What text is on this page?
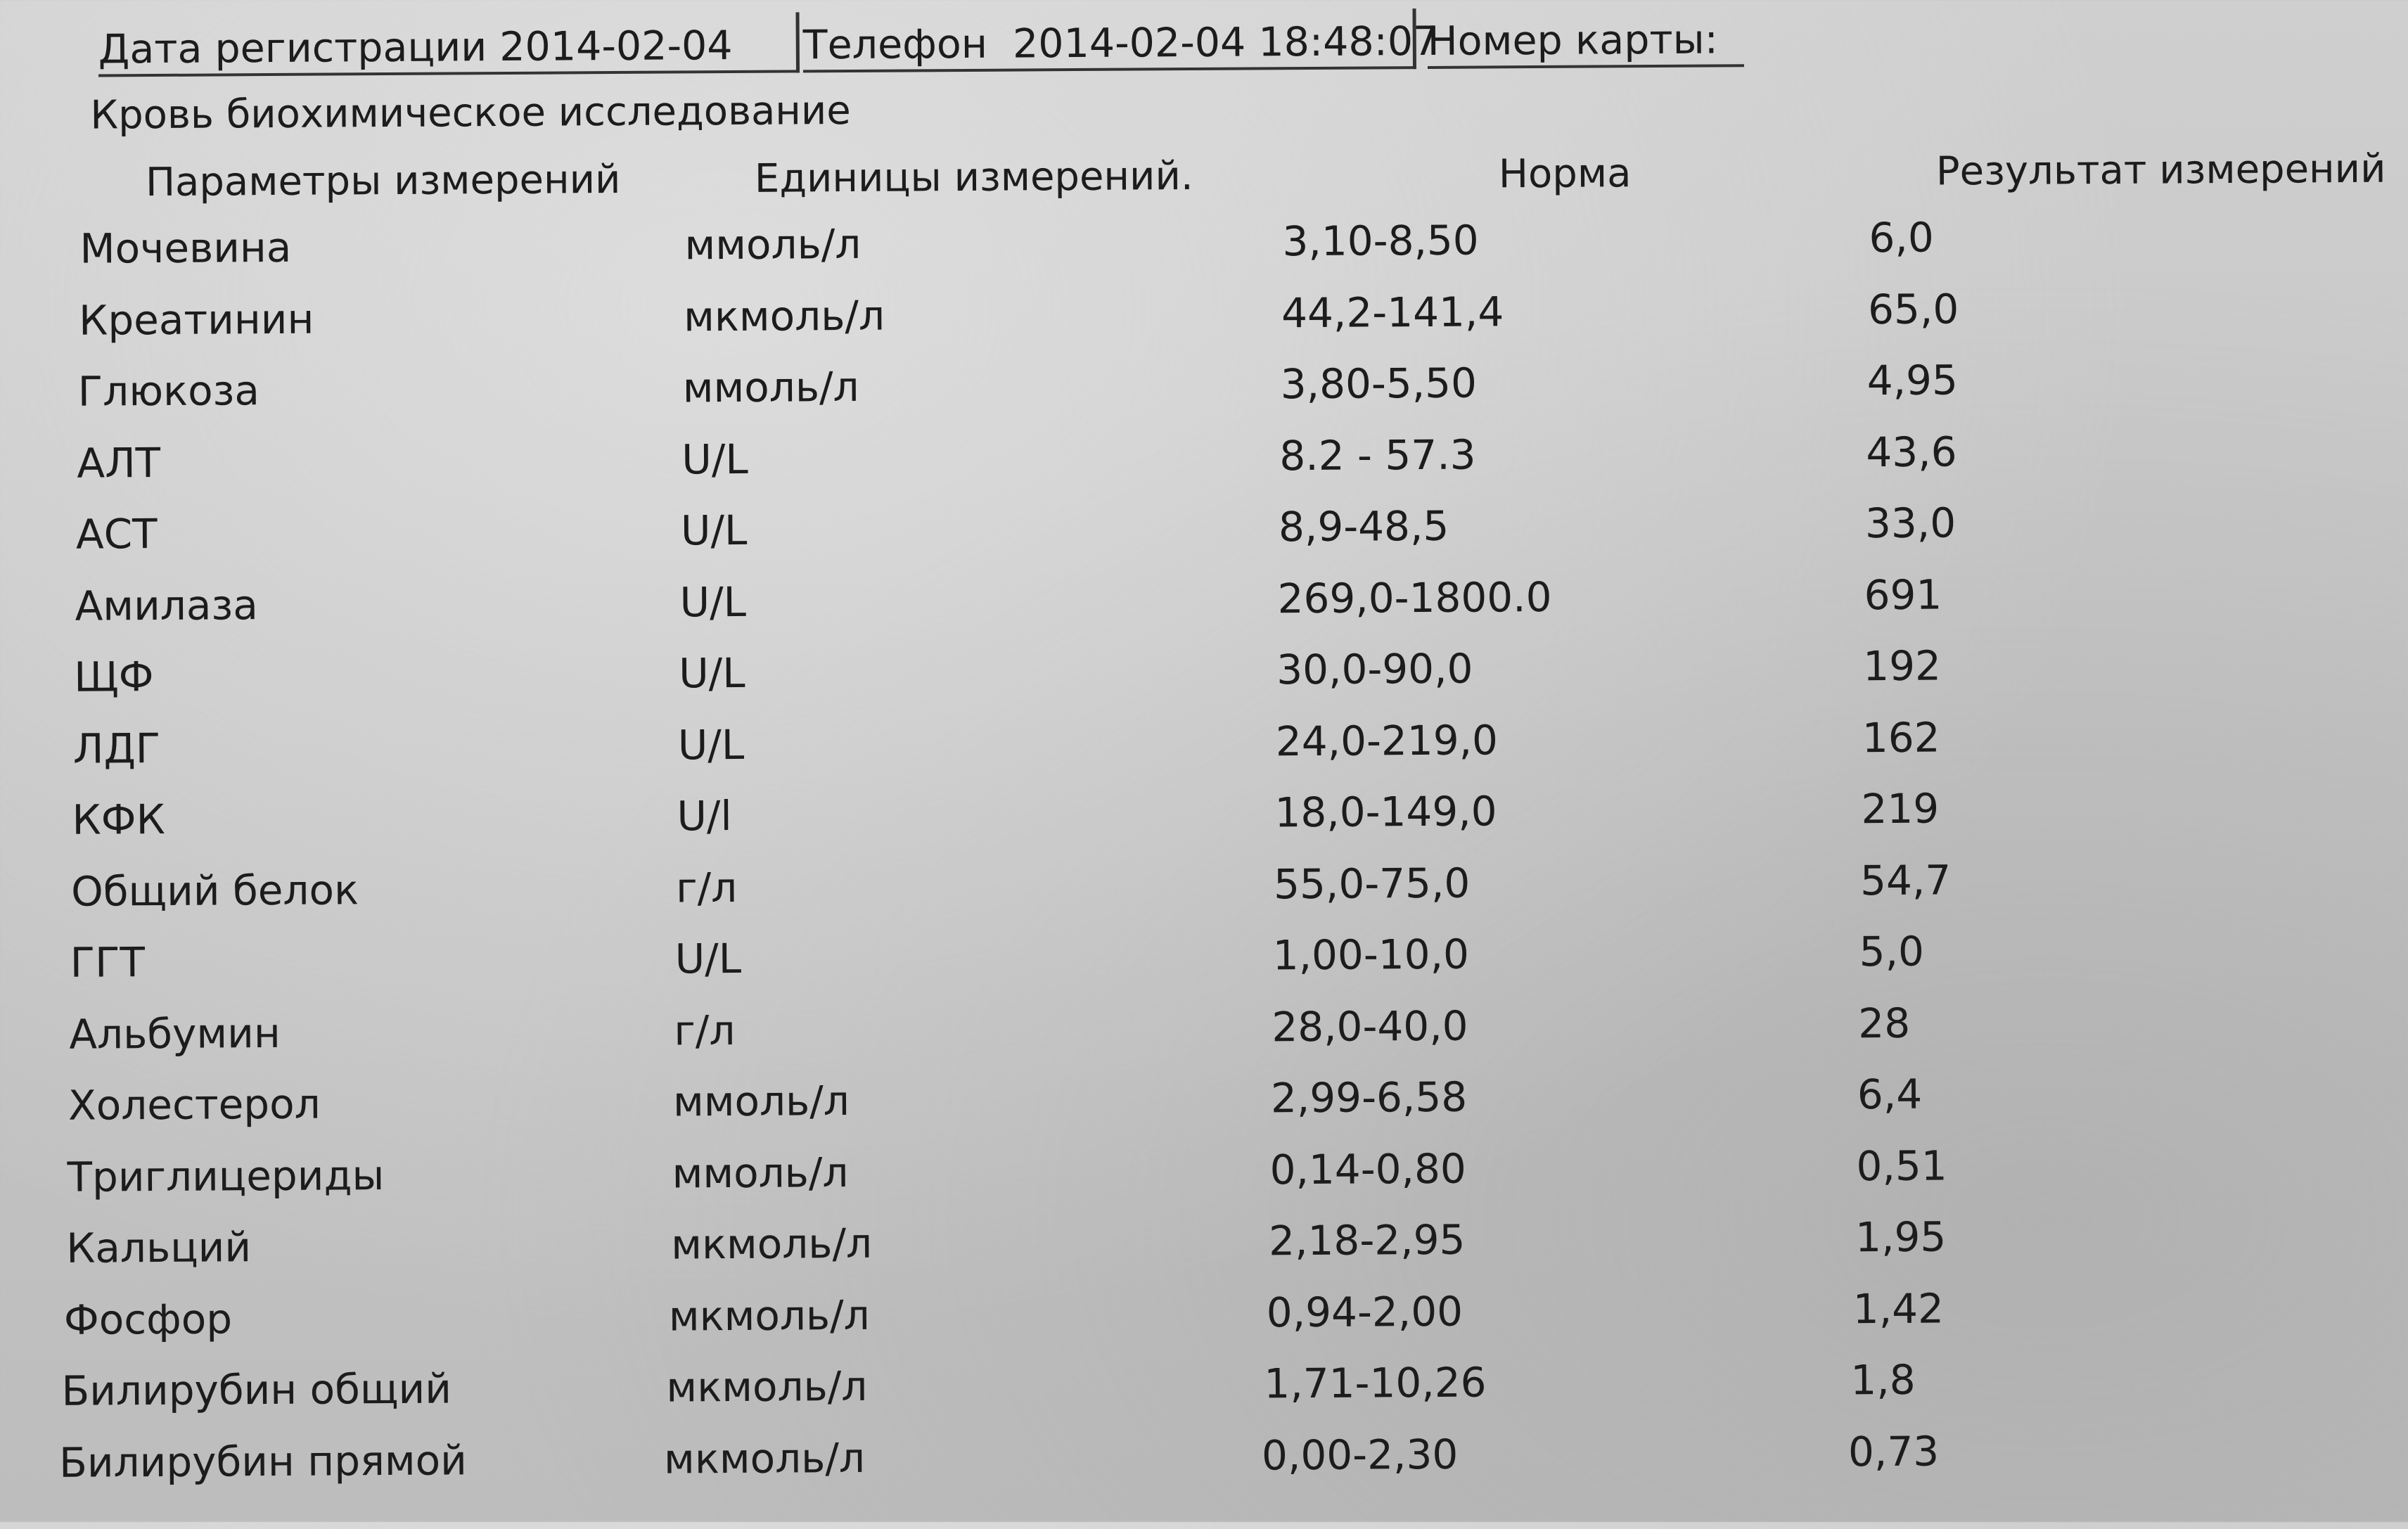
Дата регистрации 2014-02-04 Телефон 2014-02-04 18:48:07
Номер карты:
Кровь биохимическое исследование
Параметры измерений	Единицы измерений.	Норма	Результат измерений
Мочевина	ммоль/л	3,10-8,50	6,0
Креатинин	мкмоль/л	44,2-141,4	65,0
Глюкоза	ммоль/л	3,80-5,50	4,95
АЛТ	U/L	8.2 - 57.3	43,6
АСТ	U/L	8,9-48,5	33,0
Амилаза	U/L	269,0-1800.0	691
ЩФ	U/L	30,0-90,0	192
ЛДГ	U/L	24,0-219,0	162
КФК	U/l	18,0-149,0	219
Общий белок	г/л	55,0-75,0	54,7
ГГТ	U/L	1,00-10,0	5,0
Альбумин	г/л	28,0-40,0	28
Холестерол	ммоль/л	2,99-6,58	6,4
Триглицериды	ммоль/л	0,14-0,80	0,51
Кальций	мкмоль/л	2,18-2,95	1,95
Фосфор	мкмоль/л	0,94-2,00	1,42
Билирубин общий	мкмоль/л	1,71-10,26	1,8
Билирубин прямой	мкмоль/л	0,00-2,30	0,73
